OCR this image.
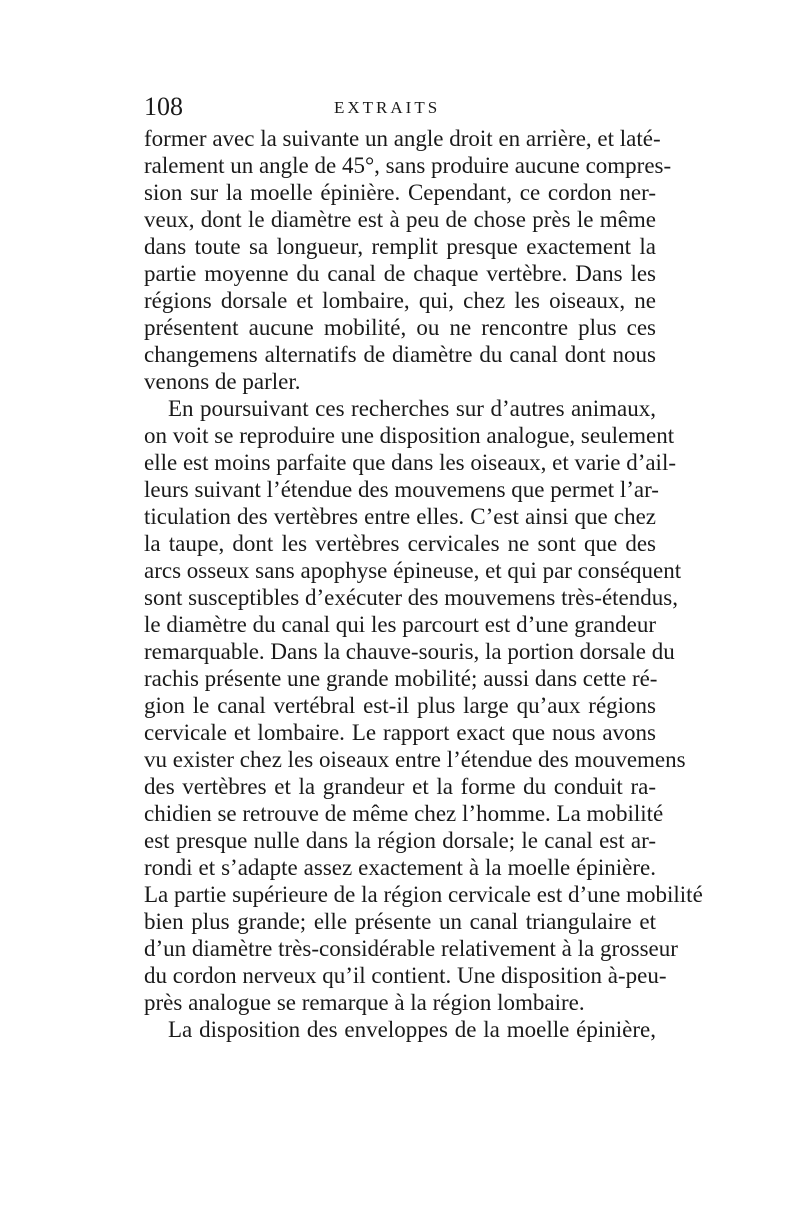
108	EXTRAITS
former avec la suivante un angle droit en arrière, et laté-
ralement un angle de 45°, sans produire aucune compres-
sion sur la moelle épinière. Cependant, ce cordon ner-
veux, dont le diamètre est à peu de chose près le même
dans toute sa longueur, remplit presque exactement la
partie moyenne du canal de chaque vertèbre. Dans les
régions dorsale et lombaire, qui, chez les oiseaux, ne
présentent aucune mobilité, ou ne rencontre plus ces
changemens alternatifs de diamètre du canal dont nous
venons de parler.
En poursuivant ces recherches sur d’autres animaux,
on voit se reproduire une disposition analogue, seulement
elle est moins parfaite que dans les oiseaux, et varie d’ail-
leurs suivant l’étendue des mouvemens que permet l’ar-
ticulation des vertèbres entre elles. C’est ainsi que chez
la taupe, dont les vertèbres cervicales ne sont que des
arcs osseux sans apophyse épineuse, et qui par conséquent
sont susceptibles d’exécuter des mouvemens très-étendus,
le diamètre du canal qui les parcourt est d’une grandeur
remarquable. Dans la chauve-souris, la portion dorsale du
rachis présente une grande mobilité; aussi dans cette ré-
gion le canal vertébral est-il plus large qu’aux régions
cervicale et lombaire. Le rapport exact que nous avons
vu exister chez les oiseaux entre l’étendue des mouvemens
des vertèbres et la grandeur et la forme du conduit ra-
chidien se retrouve de même chez l’homme. La mobilité
est presque nulle dans la région dorsale; le canal est ar-
rondi et s’adapte assez exactement à la moelle épinière.
La partie supérieure de la région cervicale est d’une mobilité
bien plus grande; elle présente un canal triangulaire et
d’un diamètre très-considérable relativement à la grosseur
du cordon nerveux qu’il contient. Une disposition à-peu-
près analogue se remarque à la région lombaire.
La disposition des enveloppes de la moelle épinière,
